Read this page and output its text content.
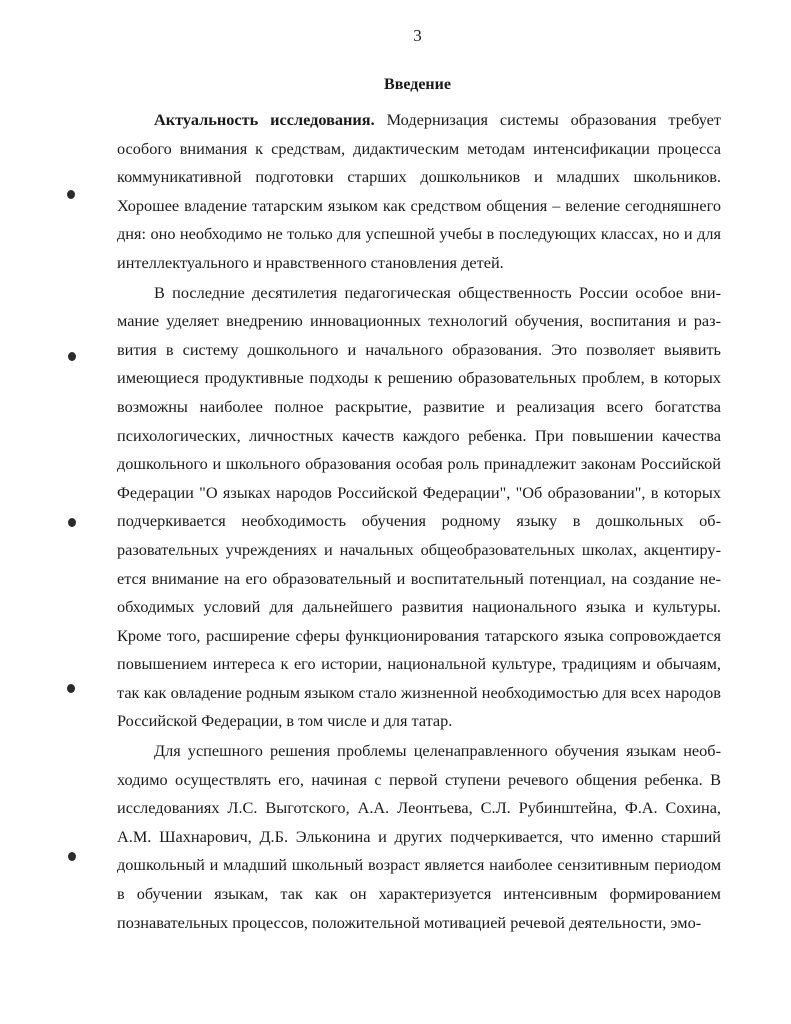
3
Введение

Актуальность исследования. Модернизация системы образования требует особого внимания к средствам, дидактическим методам интенсификации процесса коммуникативной подготовки старших дошкольников и младших школьников. Хорошее владение татарским языком как средством общения – веление сегодняшнего дня: оно необходимо не только для успешной учебы в последующих классах, но и для интеллектуального и нравственного становления детей.

В последние десятилетия педагогическая общественность России особое внимание уделяет внедрению инновационных технологий обучения, воспитания и развития в систему дошкольного и начального образования. Это позволяет выявить имеющиеся продуктивные подходы к решению образовательных проблем, в которых возможны наиболее полное раскрытие, развитие и реализация всего богатства психологических, личностных качеств каждого ребенка. При повышении качества дошкольного и школьного образования особая роль принадлежит законам Российской Федерации "О языках народов Российской Федерации", "Об образовании", в которых подчеркивается необходимость обучения родному языку в дошкольных образовательных учреждениях и начальных общеобразовательных школах, акцентируется внимание на его образовательный и воспитательный потенциал, на создание необходимых условий для дальнейшего развития национального языка и культуры. Кроме того, расширение сферы функционирования татарского языка сопровождается повышением интереса к его истории, национальной культуре, традициям и обычаям, так как овладение родным языком стало жизненной необходимостью для всех народов Российской Федерации, в том числе и для татар.

Для успешного решения проблемы целенаправленного обучения языкам необходимо осуществлять его, начиная с первой ступени речевого общения ребенка. В исследованиях Л.С. Выготского, А.А. Леонтьева, С.Л. Рубинштейна, Ф.А. Сохина, А.М. Шахнарович, Д.Б. Эльконина и других подчеркивается, что именно старший дошкольный и младший школьный возраст является наиболее сензитивным периодом в обучении языкам, так как он характеризуется интенсивным формированием познавательных процессов, положительной мотивацией речевой деятельности, эмо-
